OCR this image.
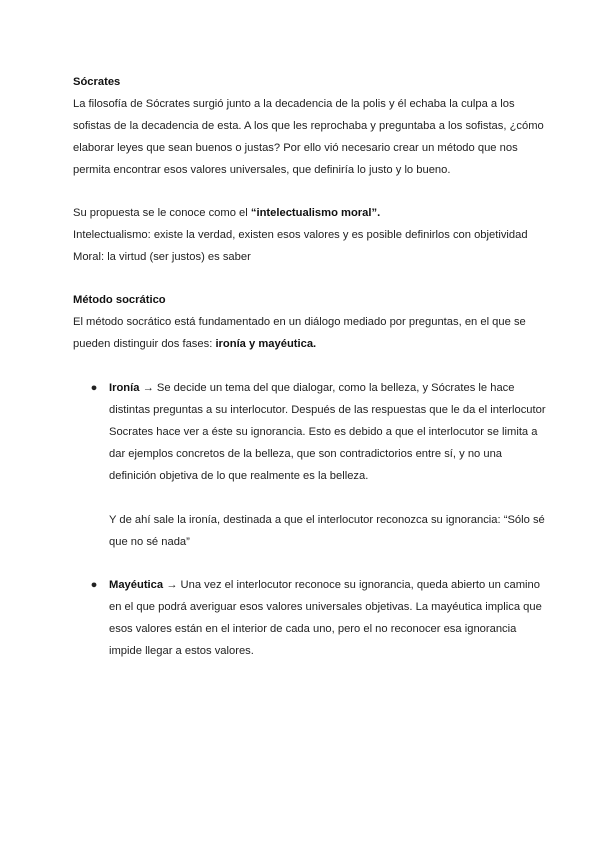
Sócrates
La filosofía de Sócrates surgió junto a la decadencia de la polis y él echaba la culpa a los
sofistas de la decadencia de esta. A los que les reprochaba y preguntaba a los sofistas, ¿cómo
elaborar leyes que sean buenos o justas? Por ello vió necesario crear un método que nos
permita encontrar esos valores universales, que definiría lo justo y lo bueno.
Su propuesta se le conoce como el “intelectualismo moral”.
Intelectualismo: existe la verdad, existen esos valores y es posible definirlos con objetividad
Moral: la virtud (ser justos) es saber
Método socrático
El método socrático está fundamentado en un diálogo mediado por preguntas, en el que se
pueden distinguir dos fases: ironía y mayéutica.
● Ironía → Se decide un tema del que dialogar, como la belleza, y Sócrates le hace
distintas preguntas a su interlocutor. Después de las respuestas que le da el interlocutor
Socrates hace ver a éste su ignorancia. Esto es debido a que el interlocutor se limita a
dar ejemplos concretos de la belleza, que son contradictorios entre sí, y no una
definición objetiva de lo que realmente es la belleza.
Y de ahí sale la ironía, destinada a que el interlocutor reconozca su ignorancia: “Sólo sé
que no sé nada”
● Mayéutica → Una vez el interlocutor reconoce su ignorancia, queda abierto un camino
en el que podrá averiguar esos valores universales objetivas. La mayéutica implica que
esos valores están en el interior de cada uno, pero el no reconocer esa ignorancia
impide llegar a estos valores.
